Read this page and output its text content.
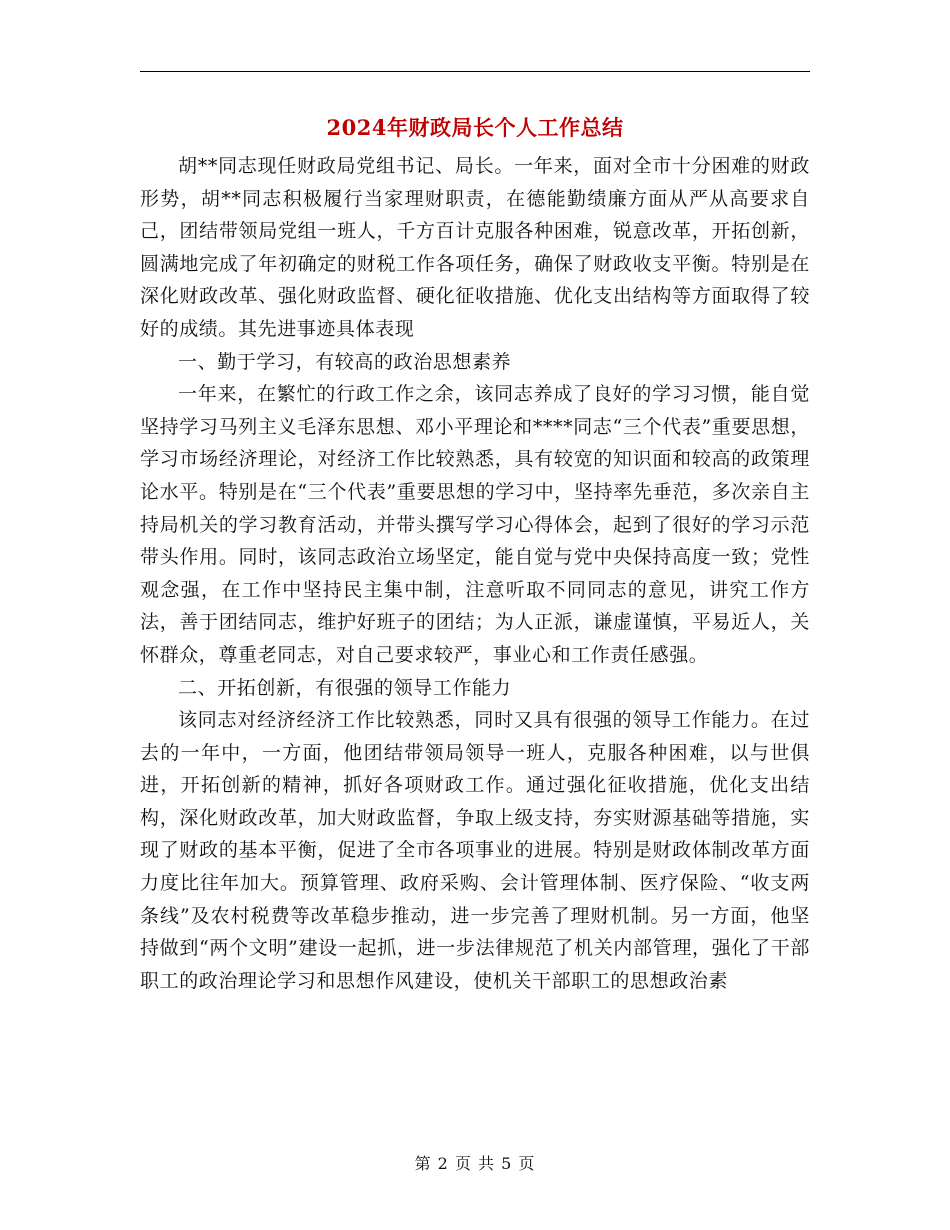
2024年财政局长个人工作总结

胡**同志现任财政局党组书记、局长。一年来，面对全市十分困难的财政形势，胡**同志积极履行当家理财职责，在德能勤绩廉方面从严从高要求自己，团结带领局党组一班人，千方百计克服各种困难，锐意改革，开拓创新，圆满地完成了年初确定的财税工作各项任务，确保了财政收支平衡。特别是在深化财政改革、强化财政监督、硬化征收措施、优化支出结构等方面取得了较好的成绩。其先进事迹具体表现

一、勤于学习，有较高的政治思想素养

一年来，在繁忙的行政工作之余，该同志养成了良好的学习习惯，能自觉坚持学习马列主义毛泽东思想、邓小平理论和****同志“三个代表”重要思想，学习市场经济理论，对经济工作比较熟悉，具有较宽的知识面和较高的政策理论水平。特别是在“三个代表”重要思想的学习中，坚持率先垂范，多次亲自主持局机关的学习教育活动，并带头撰写学习心得体会，起到了很好的学习示范带头作用。同时，该同志政治立场坚定，能自觉与党中央保持高度一致；党性观念强，在工作中坚持民主集中制，注意听取不同同志的意见，讲究工作方法，善于团结同志，维护好班子的团结；为人正派，谦虚谨慎，平易近人，关怀群众，尊重老同志，对自己要求较严，事业心和工作责任感强。

二、开拓创新，有很强的领导工作能力

该同志对经济经济工作比较熟悉，同时又具有很强的领导工作能力。在过去的一年中，一方面，他团结带领局领导一班人，克服各种困难，以与世俱进，开拓创新的精神，抓好各项财政工作。通过强化征收措施，优化支出结构，深化财政改革，加大财政监督，争取上级支持，夯实财源基础等措施，实现了财政的基本平衡，促进了全市各项事业的进展。特别是财政体制改革方面力度比往年加大。预算管理、政府采购、会计管理体制、医疗保险、“收支两条线”及农村税费等改革稳步推动，进一步完善了理财机制。另一方面，他坚持做到“两个文明”建设一起抓，进一步法律规范了机关内部管理，强化了干部职工的政治理论学习和思想作风建设，使机关干部职工的思想政治素

第 2 页 共 5 页
